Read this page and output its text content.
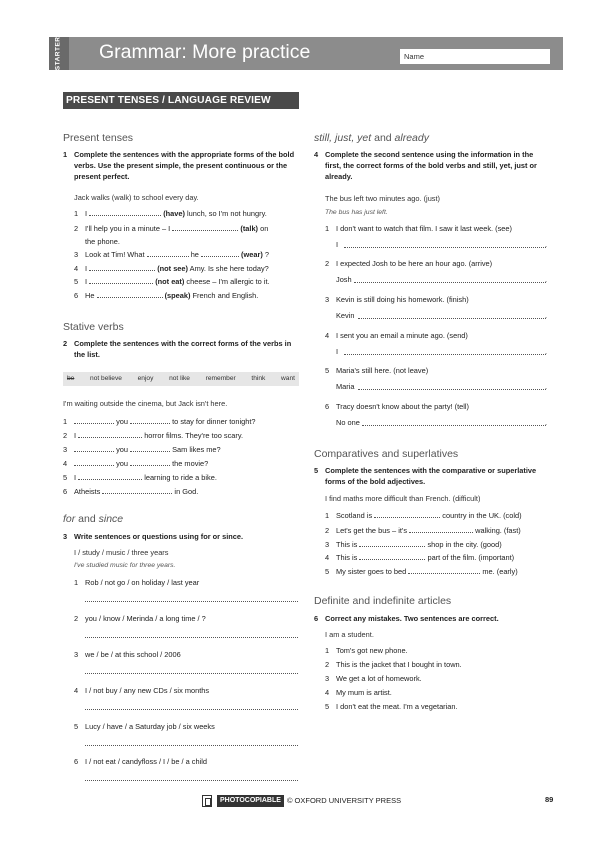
STARTER Grammar: More practice	Name
PRESENT TENSES / LANGUAGE REVIEW
Present tenses
1 Complete the sentences with the appropriate forms of the bold verbs. Use the present simple, the present continuous or the present perfect.
Jack walks (walk) to school every day.
1 I	(have) lunch, so I'm not hungry.
2 I'll help you in a minute – I	(talk) on
the phone.
3 Look at Tim! What	he	(wear) ?
4 I	(not see) Amy. Is she here today?
5 I	(not eat) cheese – I'm allergic to it.
6 He	(speak) French and English.
Stative verbs
2 Complete the sentences with the correct forms of the verbs in the list.
be not believe enjoy not like remember think want
I'm waiting outside the cinema, but Jack isn't here.
1	you	to stay for dinner tonight?
2 I	horror films. They're too scary.
3	you	Sam likes me?
4	you	the movie?
5 I	learning to ride a bike.
6 Atheists	in God.
for and since
3 Write sentences or questions using for or since.
I / study / music / three years
I've studied music for three years.
1 Rob / not go / on holiday / last year
2 you / know / Merinda / a long time / ?
3 we / be / at this school / 2006
4 I / not buy / any new CDs / six months
5 Lucy / have / a Saturday job / six weeks
6 I / not eat / candyfloss / I / be / a child
still, just, yet and already
4 Complete the second sentence using the information in the first, the correct forms of the bold verbs and still, yet, just or already.
The bus left two minutes ago. (just)
The bus has just left.
1 I don't want to watch that film. I saw it last week. (see)
I	.
2 I expected Josh to be here an hour ago. (arrive)
Josh	.
3 Kevin is still doing his homework. (finish)
Kevin	.
4 I sent you an email a minute ago. (send)
I	.
5 Maria's still here. (not leave)
Maria	.
6 Tracy doesn't know about the party! (tell)
No one	.
Comparatives and superlatives
5 Complete the sentences with the comparative or superlative forms of the bold adjectives.
I find maths more difficult than French. (difficult)
1 Scotland is	country in the UK. (cold)
2 Let's get the bus – it's	walking. (fast)
3 This is	shop in the city. (good)
4 This is	part of the film. (important)
5 My sister goes to bed	me. (early)
Definite and indefinite articles
6 Correct any mistakes. Two sentences are correct.
I am a student.
1 Tom's got new phone.
2 This is the jacket that I bought in town.
3 We get a lot of homework.
4 My mum is artist.
5 I don't eat the meat. I'm a vegetarian.
PHOTOCOPIABLE © OXFORD UNIVERSITY PRESS	89
